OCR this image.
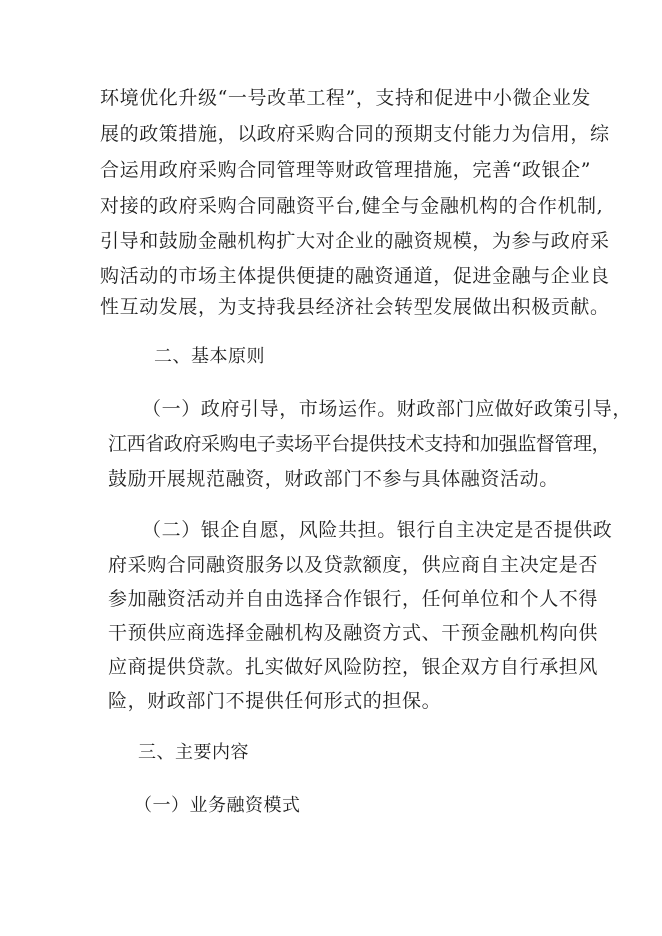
环境优化升级“一号改革工程”，支持和促进中小微企业发
展的政策措施，以政府采购合同的预期支付能力为信用，综
合运用政府采购合同管理等财政管理措施，完善“政银企”
对接的政府采购合同融资平台,健全与金融机构的合作机制,
引导和鼓励金融机构扩大对企业的融资规模，为参与政府采
购活动的市场主体提供便捷的融资通道，促进金融与企业良
性互动发展，为支持我县经济社会转型发展做出积极贡献。
二、基本原则
（一）政府引导，市场运作。财政部门应做好政策引导，
江西省政府采购电子卖场平台提供技术支持和加强监督管理，
鼓励开展规范融资，财政部门不参与具体融资活动。
（二）银企自愿，风险共担。银行自主决定是否提供政
府采购合同融资服务以及贷款额度，供应商自主决定是否
参加融资活动并自由选择合作银行，任何单位和个人不得
干预供应商选择金融机构及融资方式、干预金融机构向供
应商提供贷款。扎实做好风险防控，银企双方自行承担风
险，财政部门不提供任何形式的担保。
三、主要内容
（一）业务融资模式
